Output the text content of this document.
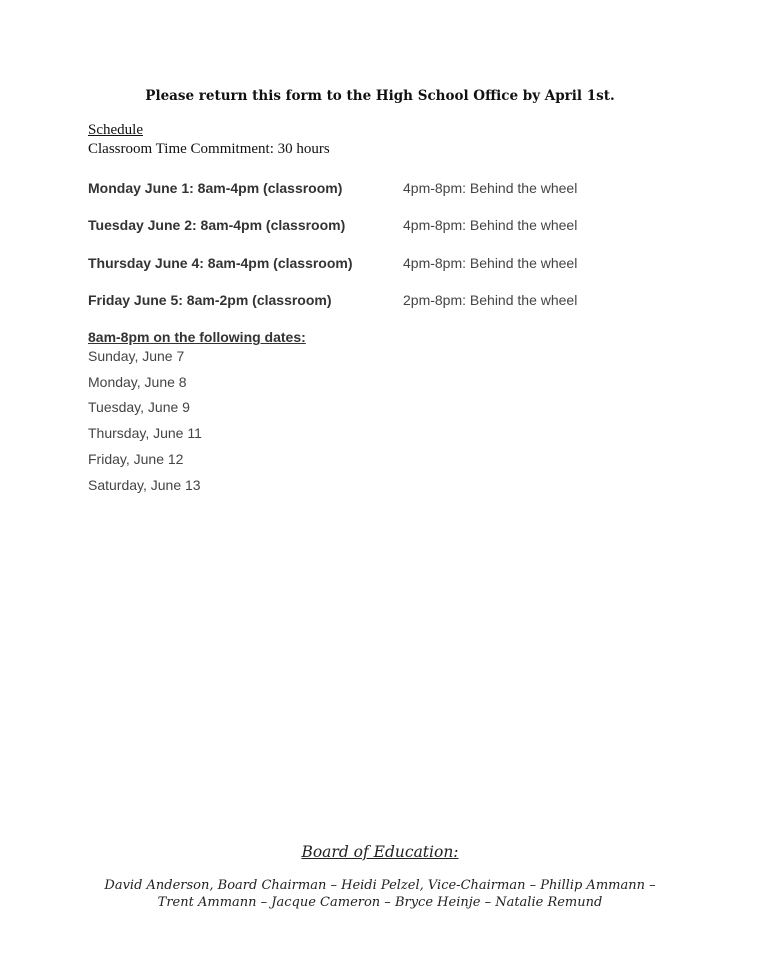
Please return this form to the High School Office by April 1st.
Schedule
Classroom Time Commitment: 30 hours
Monday June 1: 8am-4pm (classroom)	4pm-8pm: Behind the wheel
Tuesday June 2: 8am-4pm (classroom)	4pm-8pm: Behind the wheel
Thursday June 4: 8am-4pm (classroom)	4pm-8pm: Behind the wheel
Friday June 5: 8am-2pm (classroom)	2pm-8pm: Behind the wheel
8am-8pm on the following dates:
Sunday, June 7
Monday, June 8
Tuesday, June 9
Thursday, June 11
Friday, June 12
Saturday, June 13
Board of Education:
David Anderson, Board Chairman – Heidi Pelzel, Vice-Chairman – Phillip Ammann – Trent Ammann – Jacque Cameron – Bryce Heinje – Natalie Remund
